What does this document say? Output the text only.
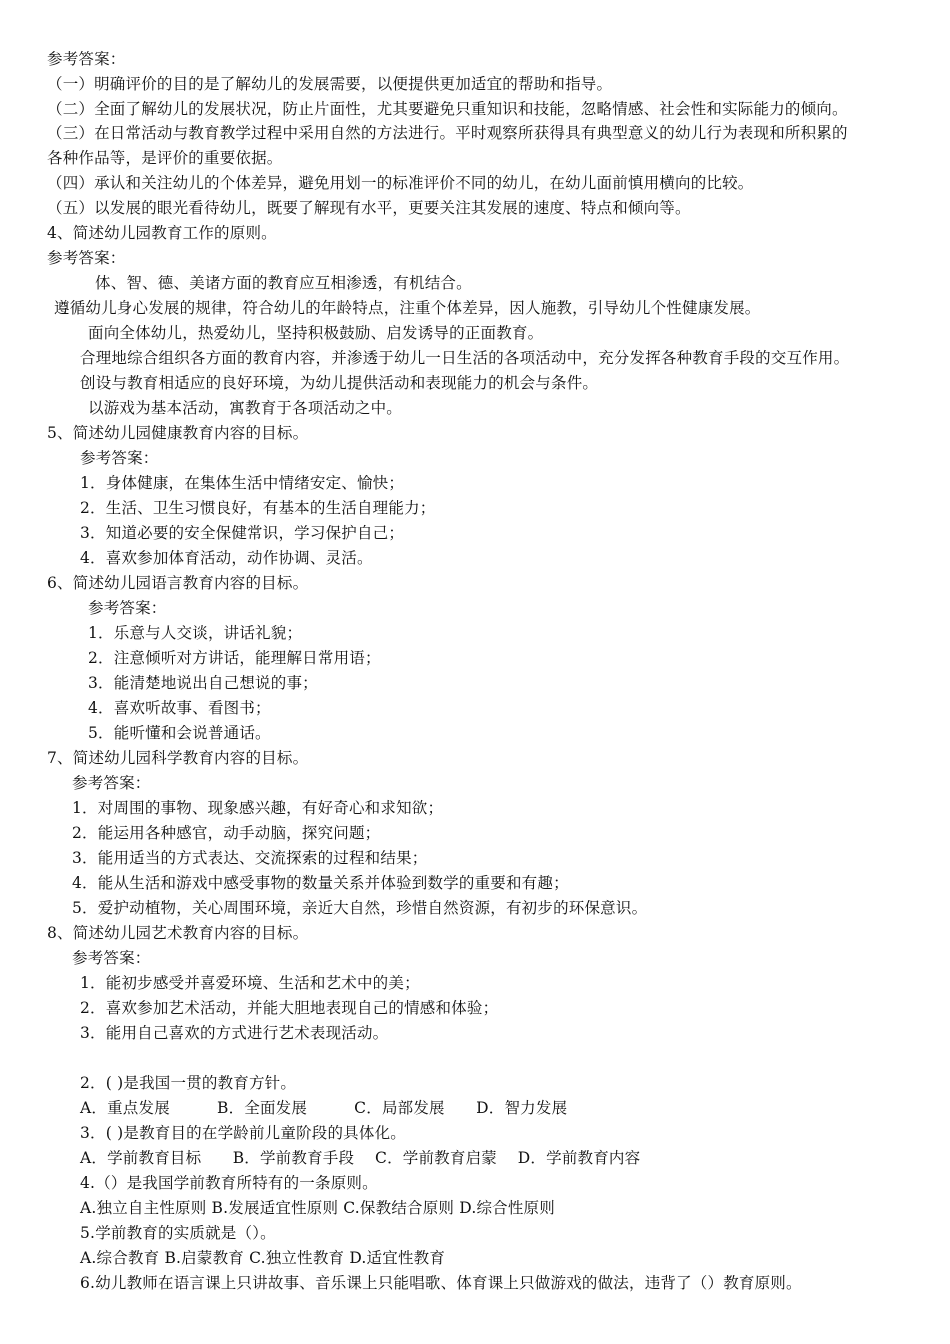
参考答案：
（一）明确评价的目的是了解幼儿的发展需要，以便提供更加适宜的帮助和指导。
（二）全面了解幼儿的发展状况，防止片面性，尤其要避免只重知识和技能，忽略情感、社会性和实际能力的倾向。
（三）在日常活动与教育教学过程中采用自然的方法进行。平时观察所获得具有典型意义的幼儿行为表现和所积累的
各种作品等，是评价的重要依据。
（四）承认和关注幼儿的个体差异，避免用划一的标准评价不同的幼儿，在幼儿面前慎用横向的比较。
（五）以发展的眼光看待幼儿，既要了解现有水平，更要关注其发展的速度、特点和倾向等。
4、简述幼儿园教育工作的原则。
参考答案：
体、智、德、美诸方面的教育应互相渗透，有机结合。
遵循幼儿身心发展的规律，符合幼儿的年龄特点，注重个体差异，因人施教，引导幼儿个性健康发展。
面向全体幼儿，热爱幼儿，坚持积极鼓励、启发诱导的正面教育。
合理地综合组织各方面的教育内容，并渗透于幼儿一日生活的各项活动中，充分发挥各种教育手段的交互作用。
创设与教育相适应的良好环境，为幼儿提供活动和表现能力的机会与条件。
以游戏为基本活动，寓教育于各项活动之中。
5、简述幼儿园健康教育内容的目标。
参考答案：
1．身体健康，在集体生活中情绪安定、愉快；
2．生活、卫生习惯良好，有基本的生活自理能力；
3．知道必要的安全保健常识，学习保护自己；
4．喜欢参加体育活动，动作协调、灵活。
6、简述幼儿园语言教育内容的目标。
参考答案：
1．乐意与人交谈，讲话礼貌；
2．注意倾听对方讲话，能理解日常用语；
3．能清楚地说出自己想说的事；
4．喜欢听故事、看图书；
5．能听懂和会说普通话。
7、简述幼儿园科学教育内容的目标。
参考答案：
1．对周围的事物、现象感兴趣，有好奇心和求知欲；
2．能运用各种感官，动手动脑，探究问题；
3．能用适当的方式表达、交流探索的过程和结果；
4．能从生活和游戏中感受事物的数量关系并体验到数学的重要和有趣；
5．爱护动植物，关心周围环境，亲近大自然，珍惜自然资源，有初步的环保意识。
8、简述幼儿园艺术教育内容的目标。
参考答案：
1．能初步感受并喜爱环境、生活和艺术中的美；
2．喜欢参加艺术活动，并能大胆地表现自己的情感和体验；
3．能用自己喜欢的方式进行艺术表现活动。
2．( )是我国一贯的教育方针。
A．重点发展　　　B．全面发展　　　C．局部发展　　D．智力发展
3．( )是教育目的在学龄前儿童阶段的具体化。
A．学前教育目标　　B．学前教育手段　 C．学前教育启蒙　 D．学前教育内容
4.（）是我国学前教育所特有的一条原则。
A.独立自主性原则 B.发展适宜性原则 C.保教结合原则 D.综合性原则
5.学前教育的实质就是（）。
A.综合教育 B.启蒙教育 C.独立性教育 D.适宜性教育
6.幼儿教师在语言课上只讲故事、音乐课上只能唱歌、体育课上只做游戏的做法，违背了（）教育原则。
